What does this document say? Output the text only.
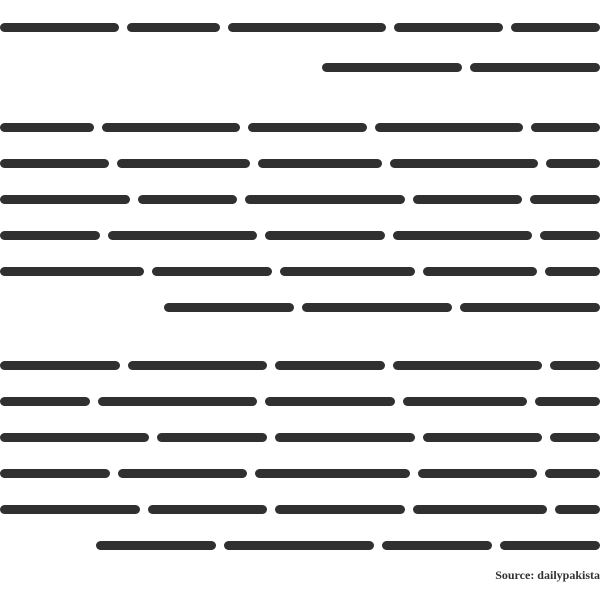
Source: dailypakista
